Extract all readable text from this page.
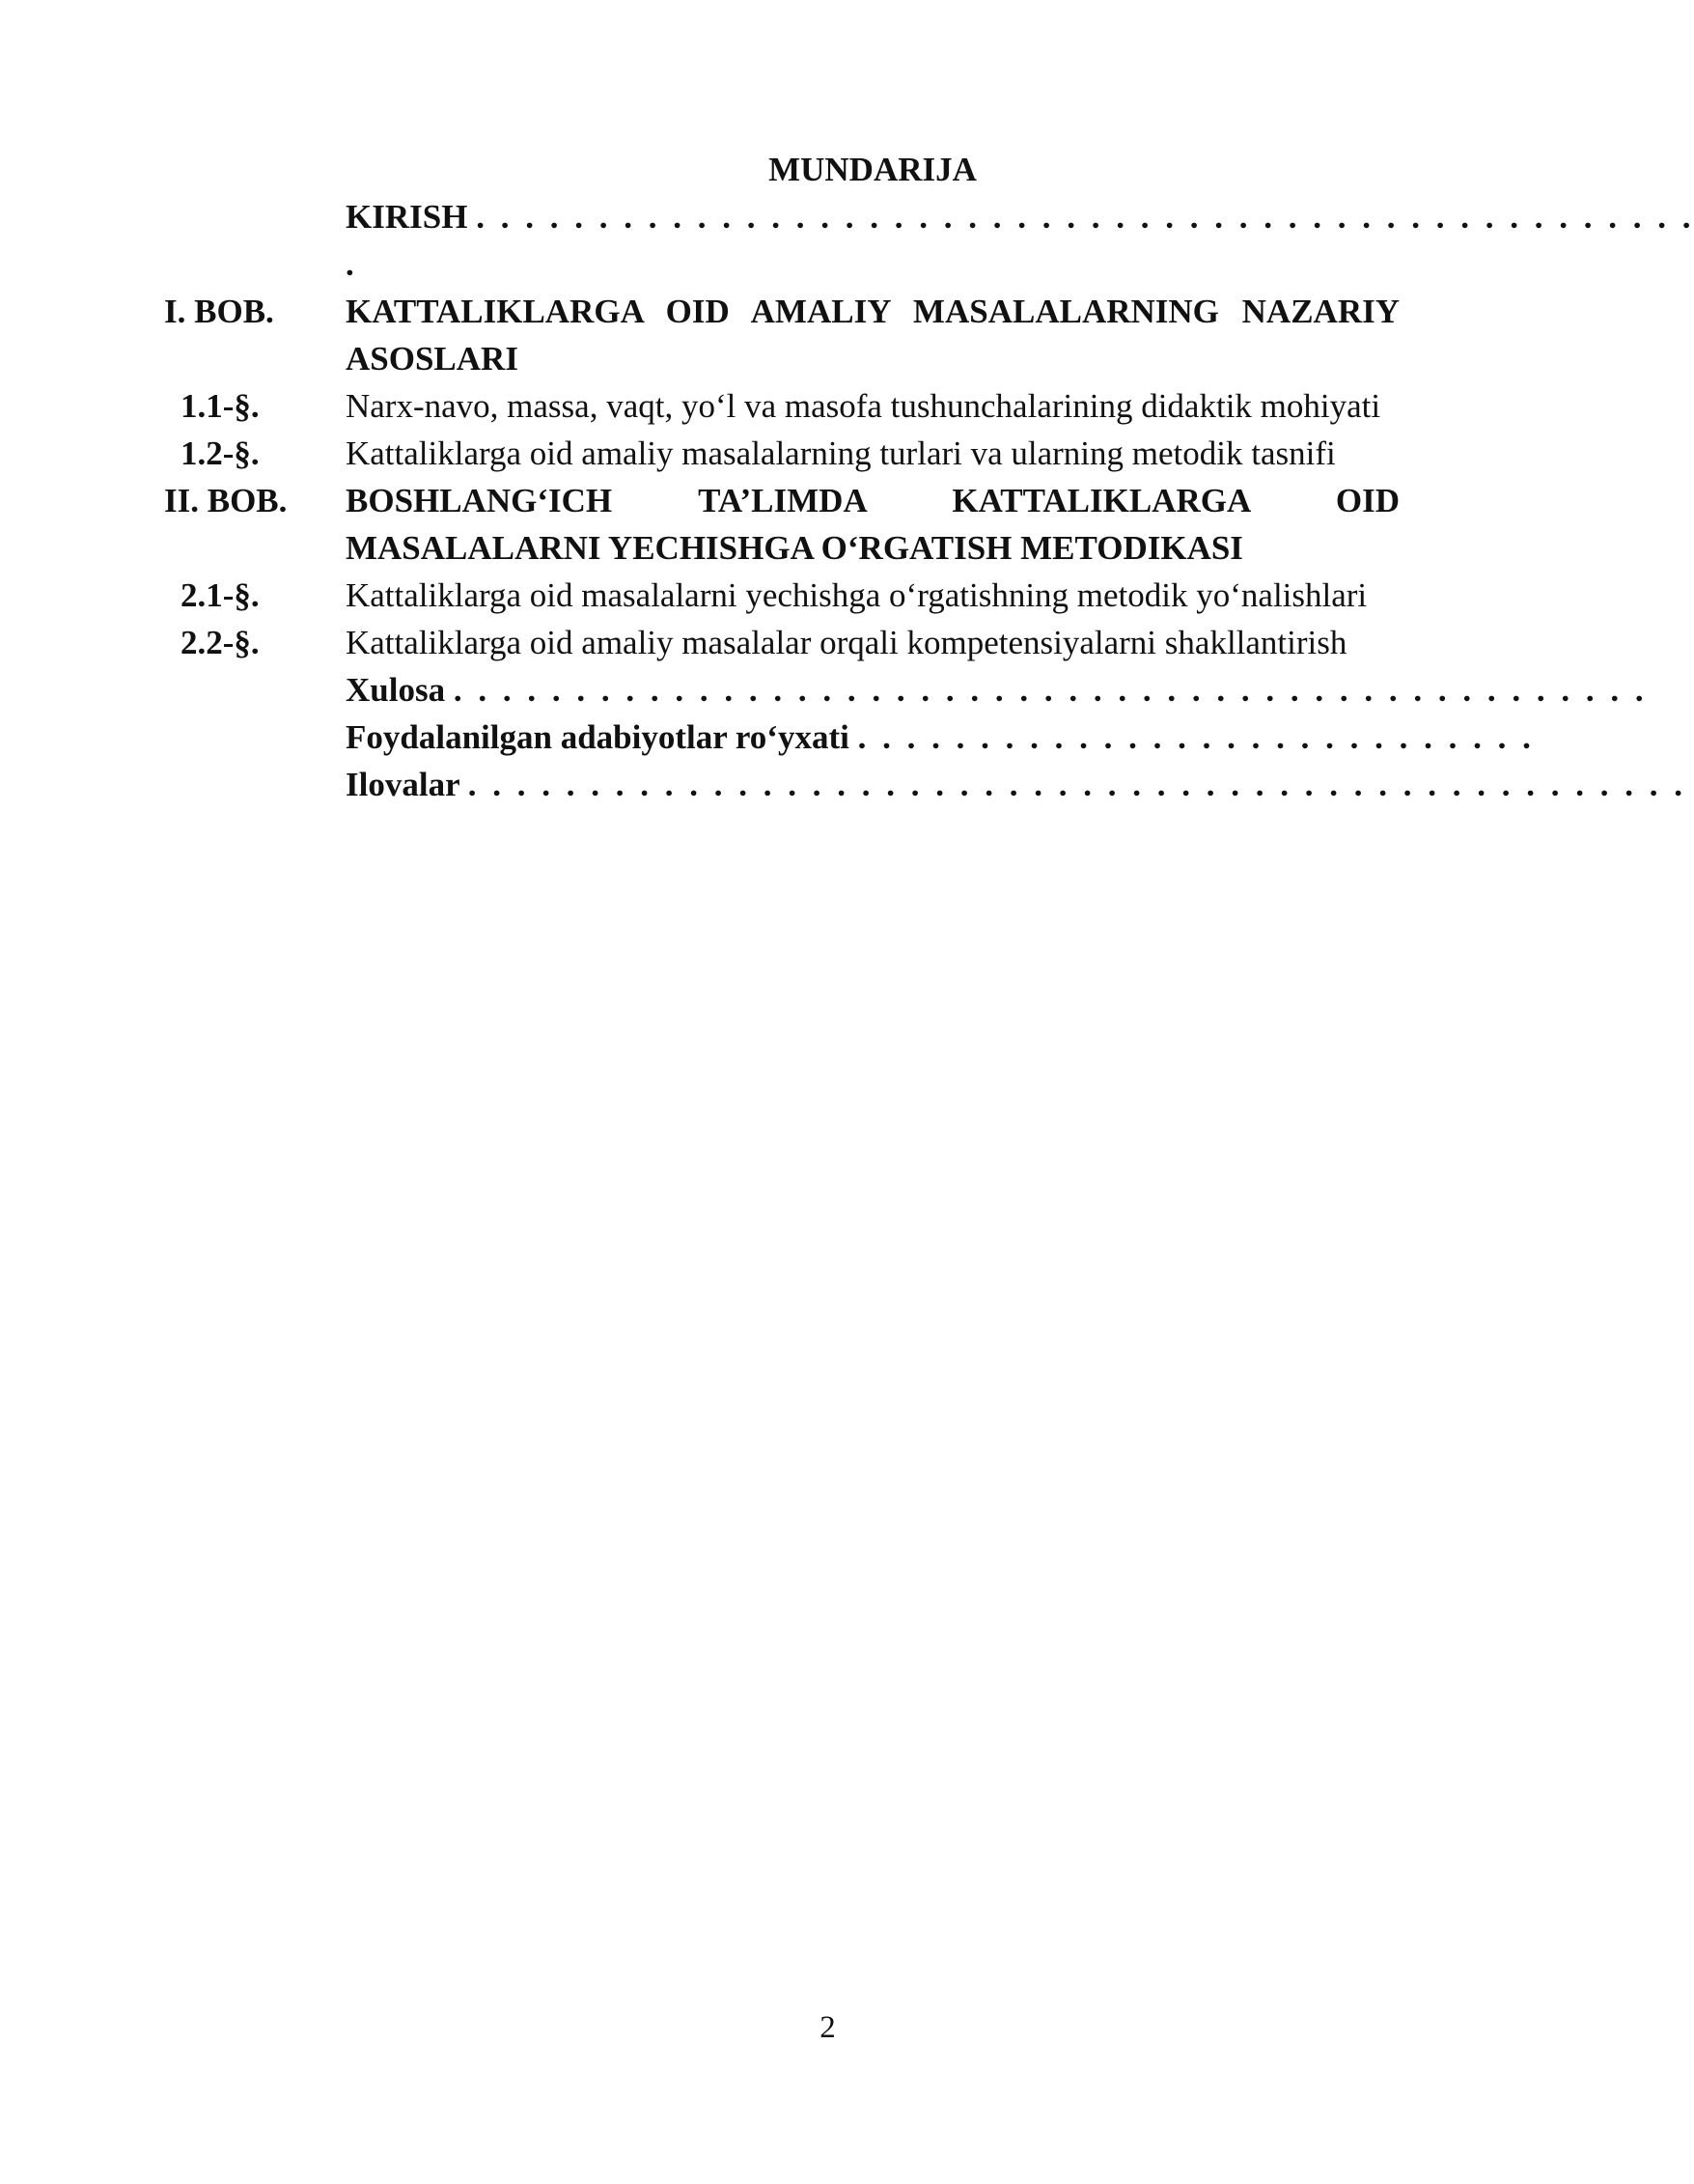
MUNDARIJA
KIRISH . . . . . . . . . . . . . . . . . . . . . . . . . . . . . . . . . . . . . . . . . . . . . . . . . .
.
I. BOB.	KATTALIKLARGA OID AMALIY MASALALARNING NAZARIY ASOSLARI
1.1-§.	Narx-navo, massa, vaqt, yo‘l va masofa tushunchalarining didaktik mohiyati
1.2-§.	Kattaliklarga oid amaliy masalalarning turlari va ularning metodik tasnifi
II. BOB.	BOSHLANG‘ICH TA’LIMDA KATTALIKLARGA OID MASALALARNI YECHISHGA O‘RGATISH METODIKASI
2.1-§.	Kattaliklarga oid masalalarni yechishga o‘rgatishning metodik yo‘nalishlari
2.2-§.	Kattaliklarga oid amaliy masalalar orqali kompetensiyalarni shakllantirish
Xulosa . . . . . . . . . . . . . . . . . . . . . . . . . . . . . . . . . . . . . . . . . . . . . . . . .
Foydalanilgan adabiyotlar ro‘yxati . . . . . . . . . . . . . . . . . . . . . . . . . . . .
Ilovalar . . . . . . . . . . . . . . . . . . . . . . . . . . . . . . . . . . . . . . . . . . . . . . . . . .
2
